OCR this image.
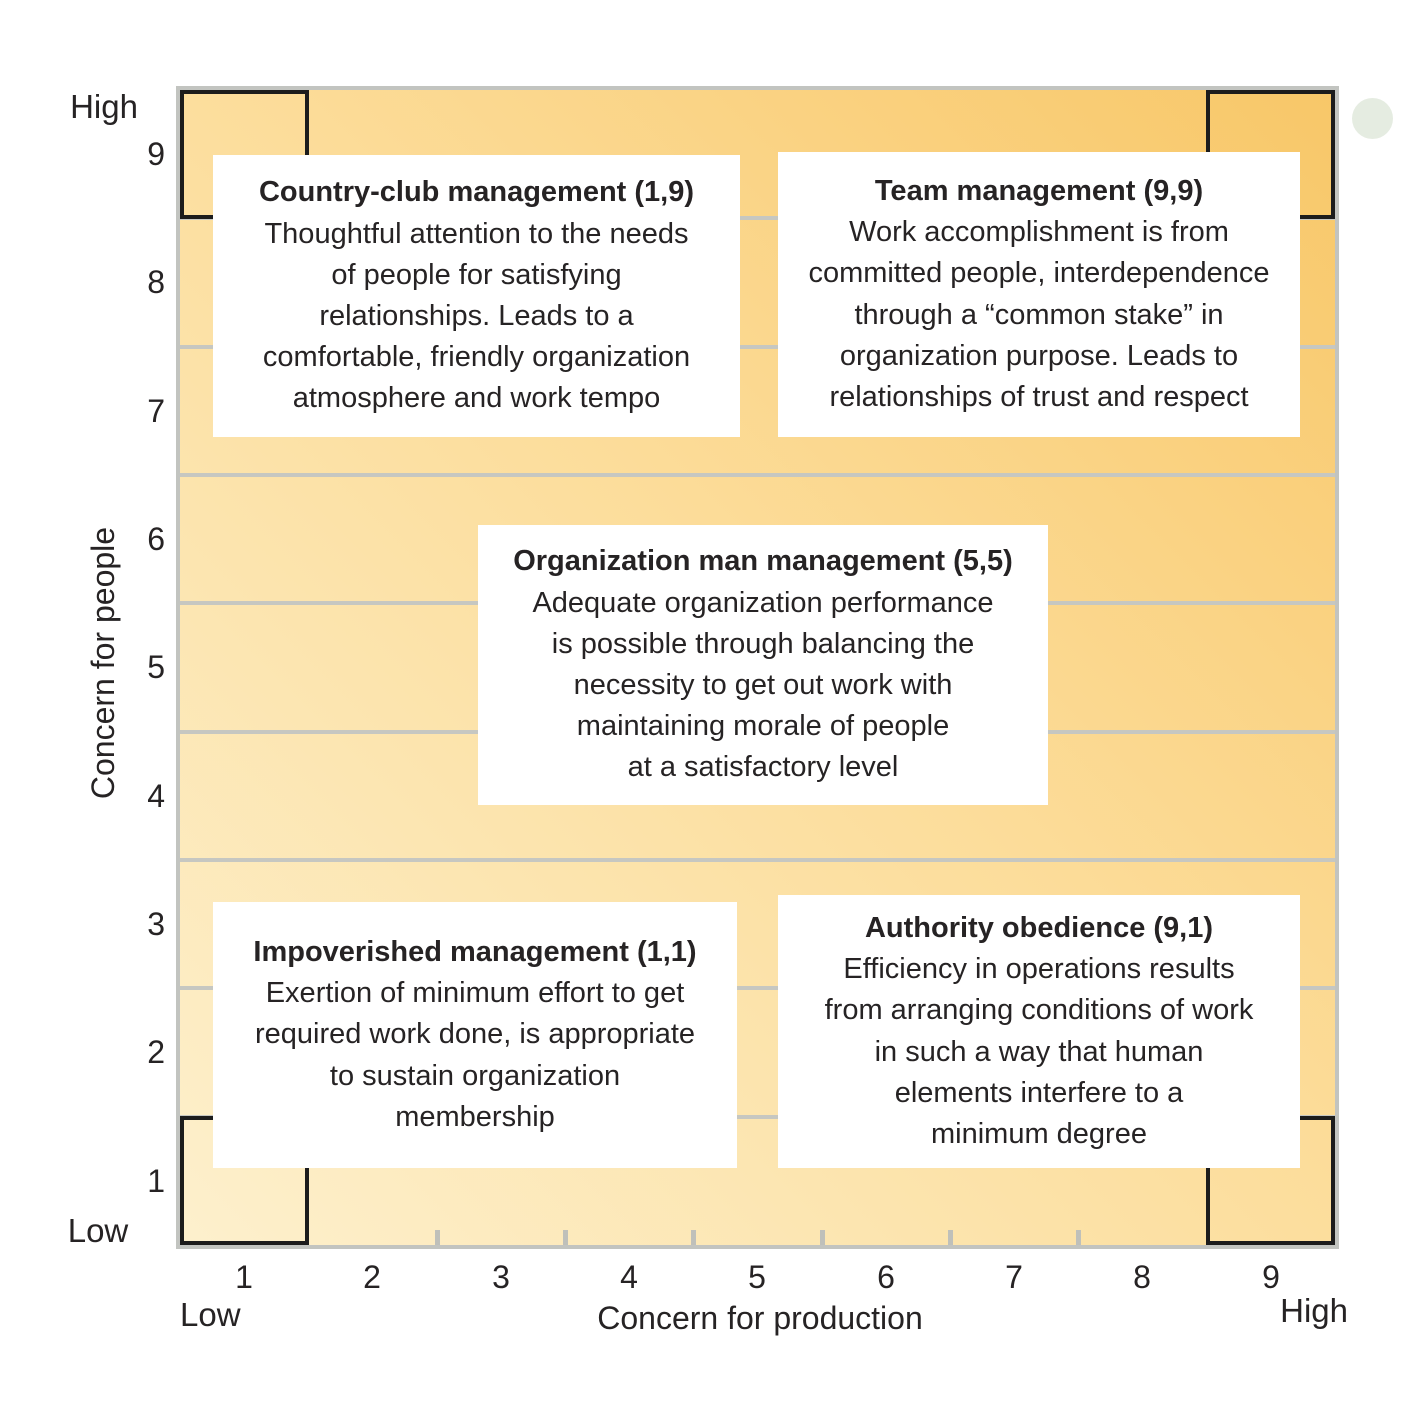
Country-club management (1,9)
Thoughtful attention to the needs
of people for satisfying
relationships. Leads to a
comfortable, friendly organization
atmosphere and work tempo
Team management (9,9)
Work accomplishment is from
committed people, interdependence
through a “common stake” in
organization purpose. Leads to
relationships of trust and respect
Organization man management (5,5)
Adequate organization performance
is possible through balancing the
necessity to get out work with
maintaining morale of people
at a satisfactory level
Impoverished management (1,1)
Exertion of minimum effort to get
required work done, is appropriate
to sustain organization
membership
Authority obedience (9,1)
Efficiency in operations results
from arranging conditions of work
in such a way that human
elements interfere to a
minimum degree
High
9
8
7
6
5
4
3
2
1
Low
Concern for people
1	2	3	4	5	6	7	8	9
Low	High
Concern for production
